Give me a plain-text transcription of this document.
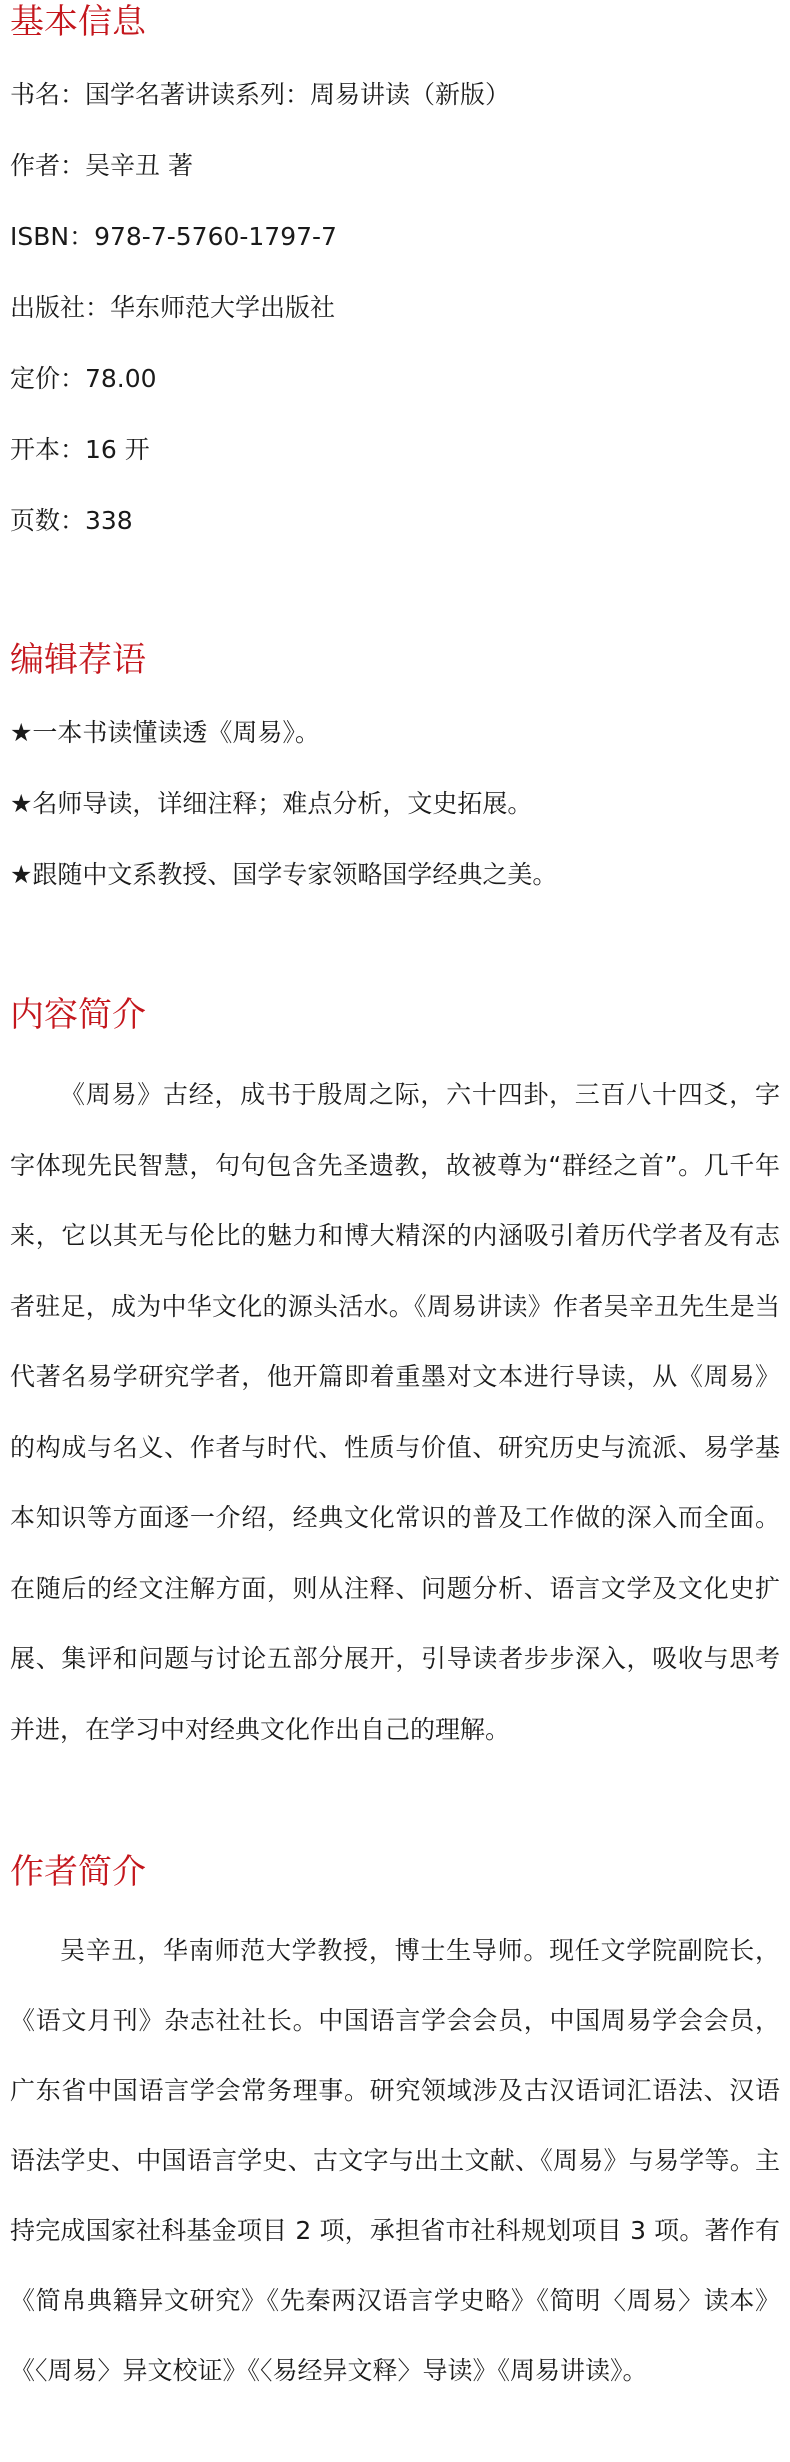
基本信息

书名：国学名著讲读系列：周易讲读（新版）

作者：吴辛丑 著

ISBN：978-7-5760-1797-7

出版社：华东师范大学出版社

定价：78.00

开本：16 开

页数：338

编辑荐语

★一本书读懂读透《周易》。

★名师导读，详细注释；难点分析，文史拓展。

★跟随中文系教授、国学专家领略国学经典之美。

内容简介

《周易》古经，成书于殷周之际，六十四卦，三百八十四爻，字字体现先民智慧，句句包含先圣遗教，故被尊为“群经之首”。几千年来，它以其无与伦比的魅力和博大精深的内涵吸引着历代学者及有志者驻足，成为中华文化的源头活水。《周易讲读》作者吴辛丑先生是当代著名易学研究学者，他开篇即着重墨对文本进行导读，从《周易》的构成与名义、作者与时代、性质与价值、研究历史与流派、易学基本知识等方面逐一介绍，经典文化常识的普及工作做的深入而全面。在随后的经文注解方面，则从注释、问题分析、语言文学及文化史扩展、集评和问题与讨论五部分展开，引导读者步步深入，吸收与思考并进，在学习中对经典文化作出自己的理解。

作者简介

吴辛丑，华南师范大学教授，博士生导师。现任文学院副院长，《语文月刊》杂志社社长。中国语言学会会员，中国周易学会会员，广东省中国语言学会常务理事。研究领域涉及古汉语词汇语法、汉语语法学史、中国语言学史、古文字与出土文献、《周易》与易学等。主持完成国家社科基金项目 2 项，承担省市社科规划项目 3 项。著作有《简帛典籍异文研究》《先秦两汉语言学史略》《简明〈周易〉读本》《〈周易〉异文校证》《〈易经异文释〉导读》《周易讲读》。
